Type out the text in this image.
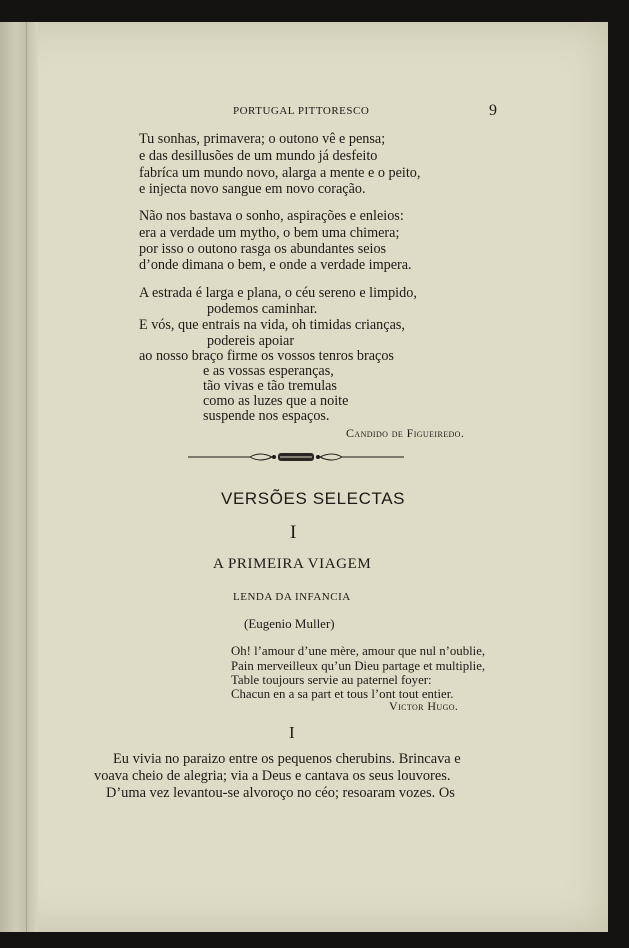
PORTUGAL PITTORESCO	9
Tu sonhas, primavera; o outono vê e pensa;
e das desillusões de um mundo já desfeito
fabríca um mundo novo, alarga a mente e o peito,
e injecta novo sangue em novo coração.
Não nos bastava o sonho, aspirações e enleios:
era a verdade um mytho, o bem uma chimera;
por isso o outono rasga os abundantes seios
d’onde dimana o bem, e onde a verdade impera.
A estrada é larga e plana, o céu sereno e limpido,
podemos caminhar.
E vós, que entrais na vida, oh timidas crianças,
podereis apoiar
ao nosso braço firme os vossos tenros braços
e as vossas esperanças,
tão vivas e tão tremulas
como as luzes que a noite
suspende nos espaços.
Candido de Figueiredo.
VERSÕES SELECTAS
I
A PRIMEIRA VIAGEM
LENDA DA INFANCIA
(Eugenio Muller)
Oh! l’amour d’une mère, amour que nul n’oublie,
Pain merveilleux qu’un Dieu partage et multiplie,
Table toujours servie au paternel foyer:
Chacun en a sa part et tous l’ont tout entier.
Victor Hugo.
I
Eu vivia no paraizo entre os pequenos cherubins. Brincava e
voava cheio de alegria; via a Deus e cantava os seus louvores.
D’uma vez levantou-se alvoroço no céo; resoaram vozes. Os
